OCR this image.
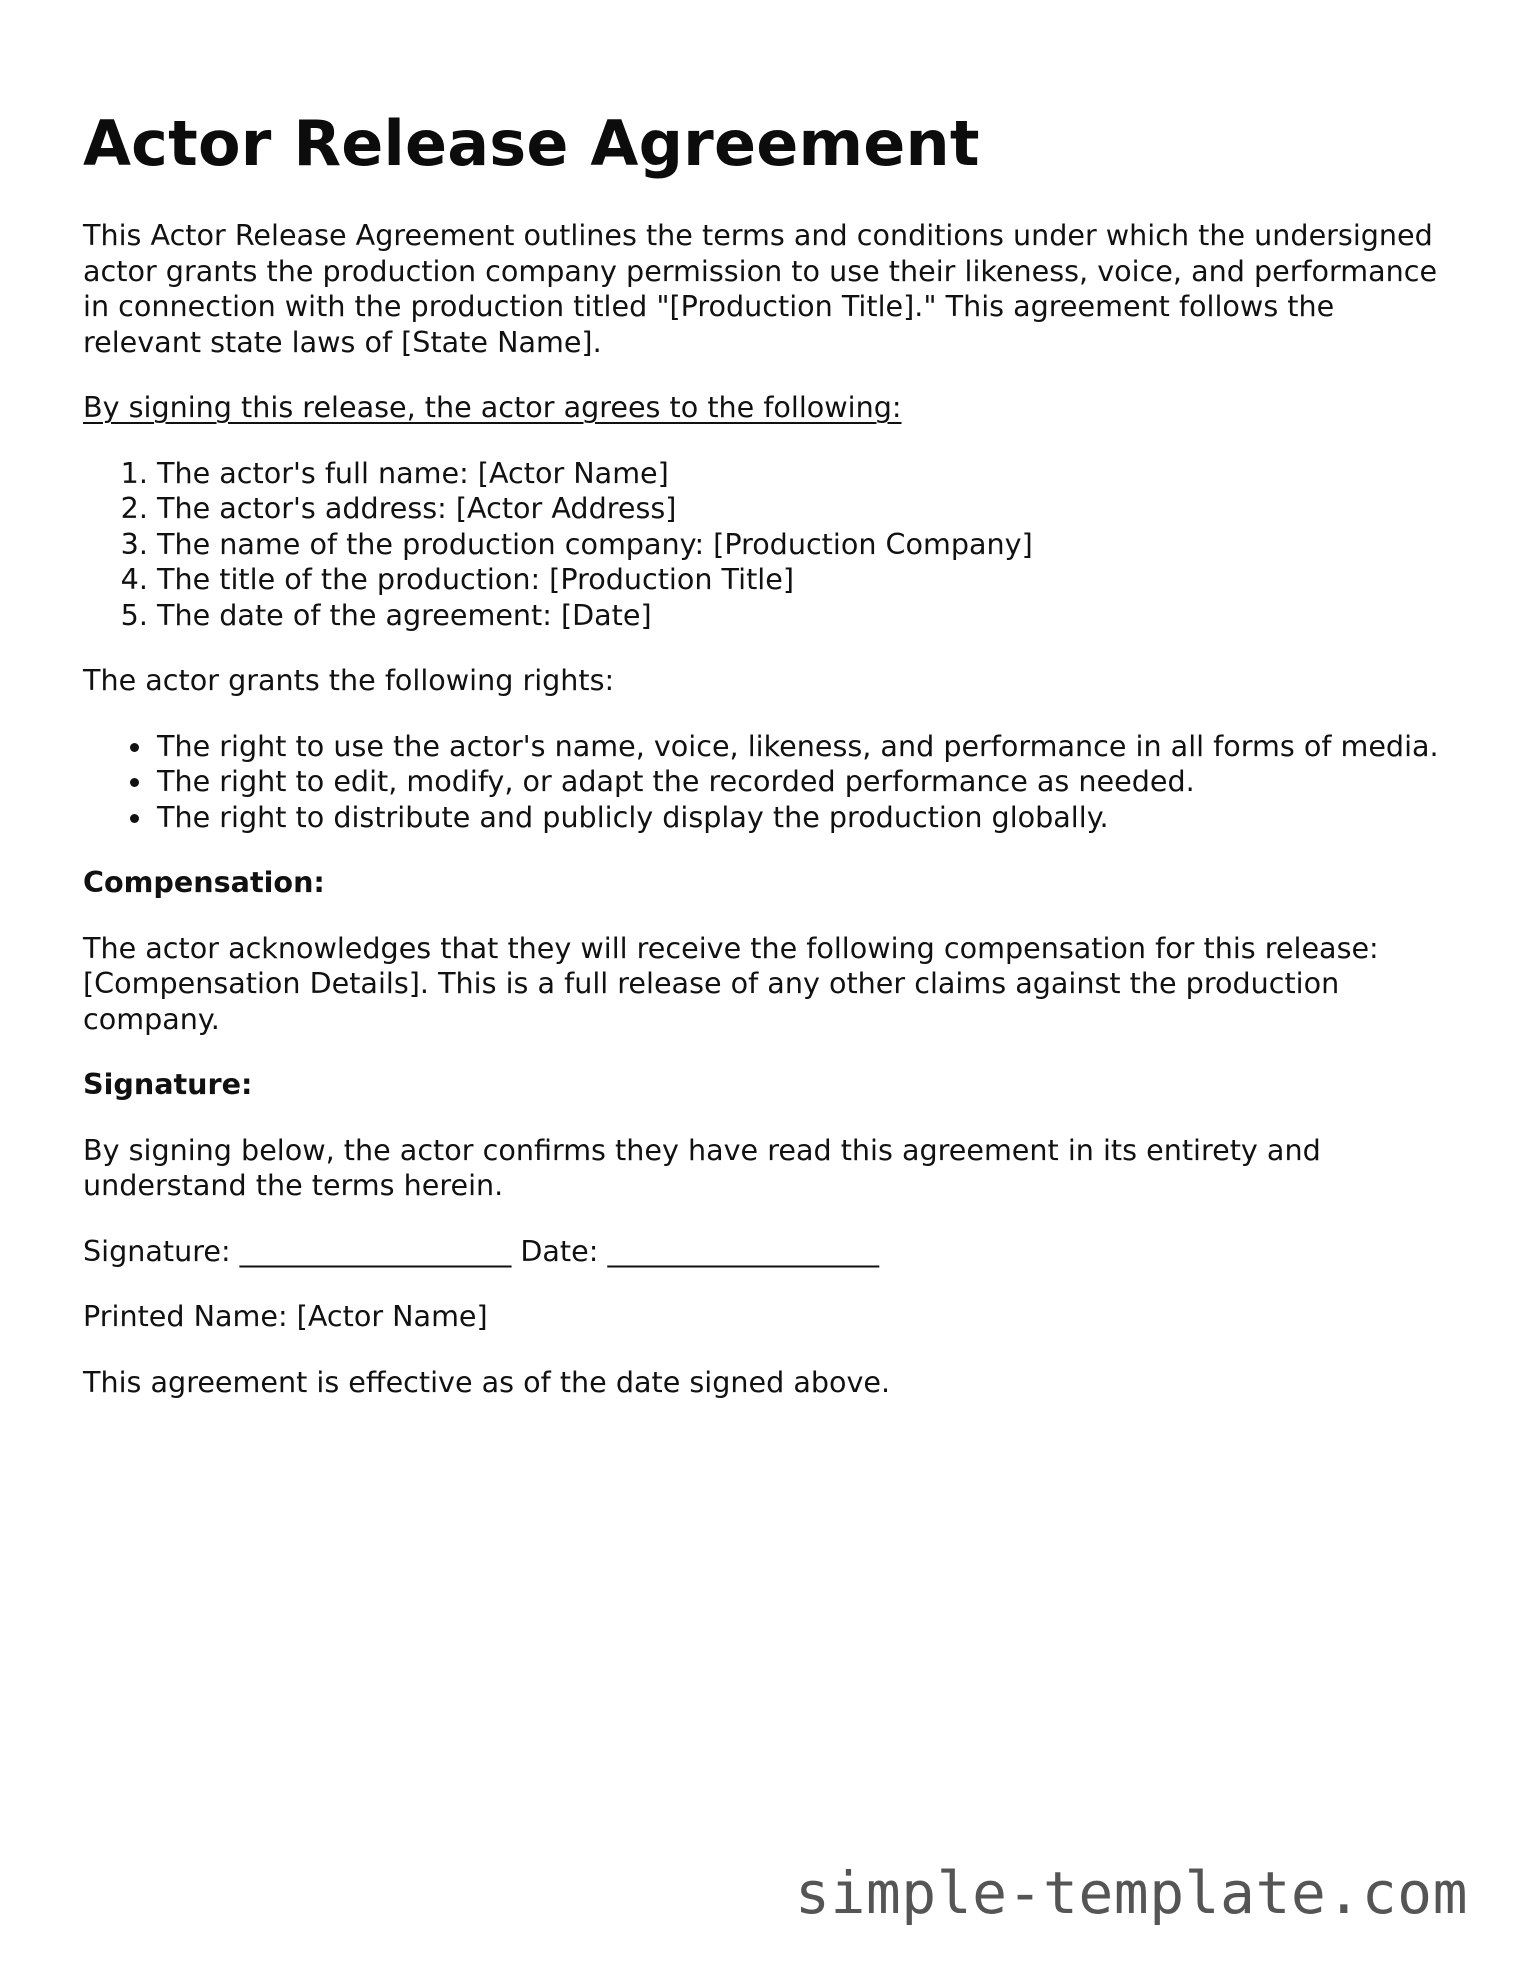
Actor Release Agreement

This Actor Release Agreement outlines the terms and conditions under which the undersigned actor grants the production company permission to use their likeness, voice, and performance in connection with the production titled "[Production Title]." This agreement follows the relevant state laws of [State Name].

By signing this release, the actor agrees to the following:

1. The actor's full name: [Actor Name]
2. The actor's address: [Actor Address]
3. The name of the production company: [Production Company]
4. The title of the production: [Production Title]
5. The date of the agreement: [Date]

The actor grants the following rights:

The right to use the actor's name, voice, likeness, and performance in all forms of media.
The right to edit, modify, or adapt the recorded performance as needed.
The right to distribute and publicly display the production globally.

Compensation:

The actor acknowledges that they will receive the following compensation for this release: [Compensation Details]. This is a full release of any other claims against the production company.

Signature:

By signing below, the actor confirms they have read this agreement in its entirety and understand the terms herein.

Signature: ___________________ Date: ___________________

Printed Name: [Actor Name]

This agreement is effective as of the date signed above.

simple-template.com
